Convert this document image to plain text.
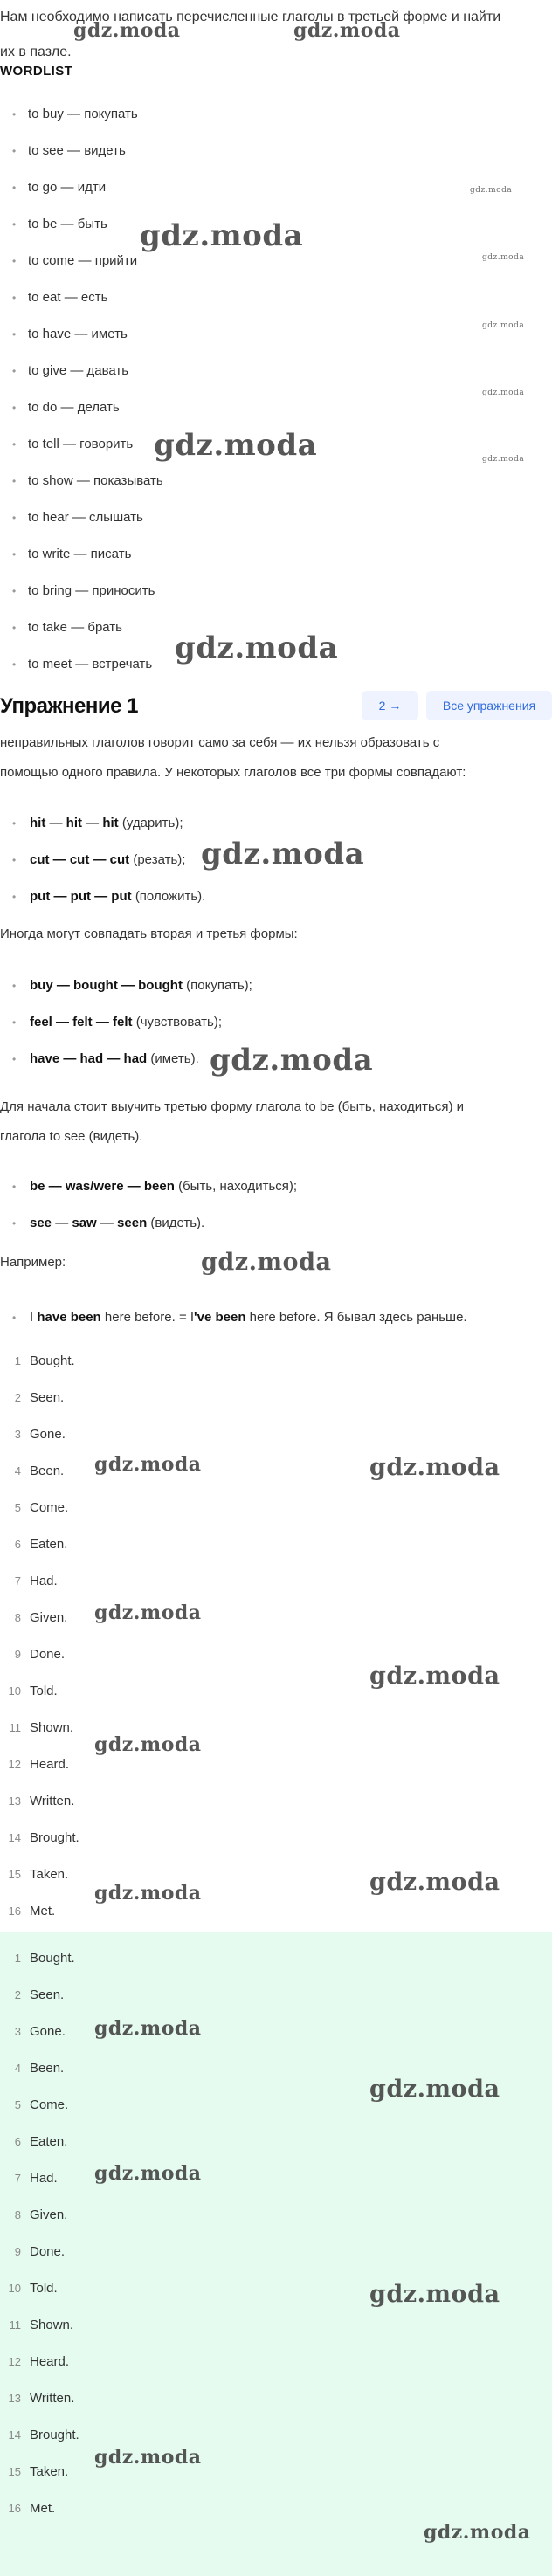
Нам необходимо написать перечисленные глаголы в третьей форме и найти
их в пазле.
WORDLIST
• to buy — покупать
• to see — видеть
• to go — идти
• to be — быть
• to come — прийти
• to eat — есть
• to have — иметь
• to give — давать
• to do — делать
• to tell — говорить
• to show — показывать
• to hear — слышать
• to write — писать
• to bring — приносить
• to take — брать
• to meet — встречать
Упражнение 1	2 →	Все упражнения
неправильных глаголов говорит само за себя — их нельзя образовать с
помощью одного правила. У некоторых глаголов все три формы совпадают:
• hit — hit — hit (ударить);
• cut — cut — cut (резать);
• put — put — put (положить).
Иногда могут совпадать вторая и третья формы:
• buy — bought — bought (покупать);
• feel — felt — felt (чувствовать);
• have — had — had (иметь).
Для начала стоит выучить третью форму глагола to be (быть, находиться) и
глагола to see (видеть).
• be — was/were — been (быть, находиться);
• see — saw — seen (видеть).
Например:
• I have been here before. = I've been here before. Я бывал здесь раньше.
1 Bought.
2 Seen.
3 Gone.
4 Been.
5 Come.
6 Eaten.
7 Had.
8 Given.
9 Done.
10 Told.
11 Shown.
12 Heard.
13 Written.
14 Brought.
15 Taken.
16 Met.
1 Bought.
2 Seen.
3 Gone.
4 Been.
5 Come.
6 Eaten.
7 Had.
8 Given.
9 Done.
10 Told.
11 Shown.
12 Heard.
13 Written.
14 Brought.
15 Taken.
16 Met.
gdz.moda	gdz.moda
gdz.moda
gdz.moda
gdz.moda
gdz.moda
gdz.moda
gdz.moda
gdz.moda
gdz.moda
gdz.moda
gdz.moda
gdz.moda
gdz.moda	gdz.moda
gdz.moda
gdz.moda
gdz.moda
gdz.moda
gdz.moda
gdz.moda
gdz.moda
gdz.moda
gdz.moda
gdz.moda
gdz.moda
